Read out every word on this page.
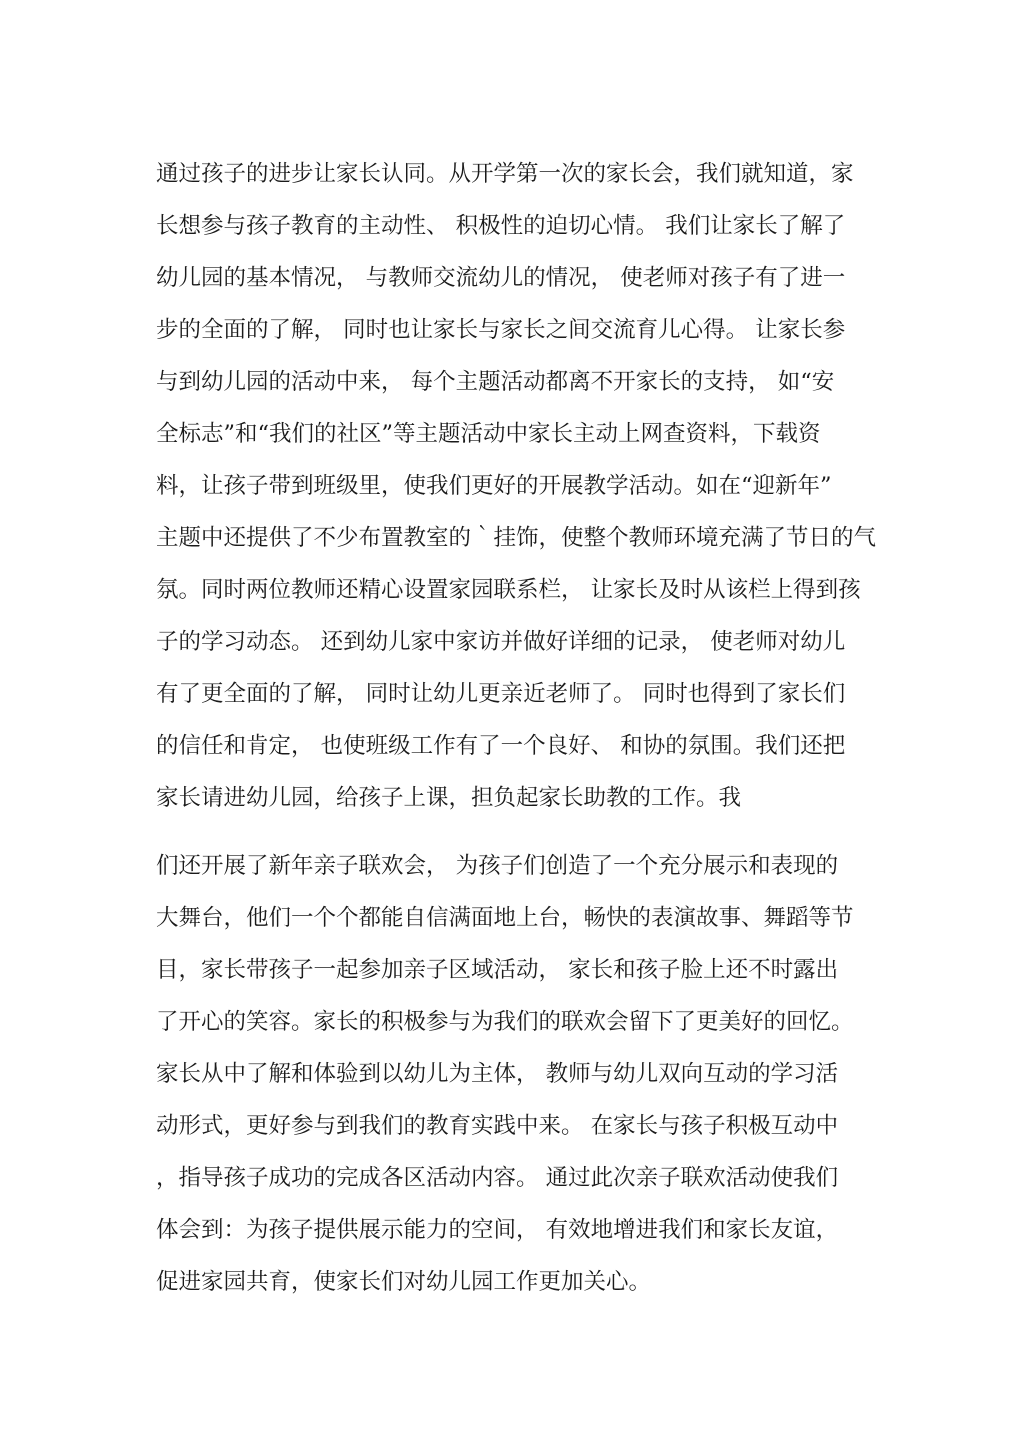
通过孩子的进步让家长认同。从开学第一次的家长会，我们就知道，家
长想参与孩子教育的主动性、 积极性的迫切心情。 我们让家长了解了
幼儿园的基本情况， 与教师交流幼儿的情况， 使老师对孩子有了进一
步的全面的了解， 同时也让家长与家长之间交流育儿心得。 让家长参
与到幼儿园的活动中来， 每个主题活动都离不开家长的支持， 如“安
全标志”和“我们的社区”等主题活动中家长主动上网查资料，下载资
料，让孩子带到班级里，使我们更好的开展教学活动。如在“迎新年”
主题中还提供了不少布置教室的｀挂饰，使整个教师环境充满了节日的气
氛。同时两位教师还精心设置家园联系栏， 让家长及时从该栏上得到孩
子的学习动态。 还到幼儿家中家访并做好详细的记录， 使老师对幼儿
有了更全面的了解， 同时让幼儿更亲近老师了。 同时也得到了家长们
的信任和肯定， 也使班级工作有了一个良好、 和协的氛围。我们还把
家长请进幼儿园，给孩子上课，担负起家长助教的工作。我
们还开展了新年亲子联欢会， 为孩子们创造了一个充分展示和表现的
大舞台，他们一个个都能自信满面地上台，畅快的表演故事、舞蹈等节
目，家长带孩子一起参加亲子区域活动， 家长和孩子脸上还不时露出
了开心的笑容。家长的积极参与为我们的联欢会留下了更美好的回忆。
家长从中了解和体验到以幼儿为主体， 教师与幼儿双向互动的学习活
动形式，更好参与到我们的教育实践中来。 在家长与孩子积极互动中
，指导孩子成功的完成各区活动内容。 通过此次亲子联欢活动使我们
体会到：为孩子提供展示能力的空间， 有效地增进我们和家长友谊，
促进家园共育，使家长们对幼儿园工作更加关心。
